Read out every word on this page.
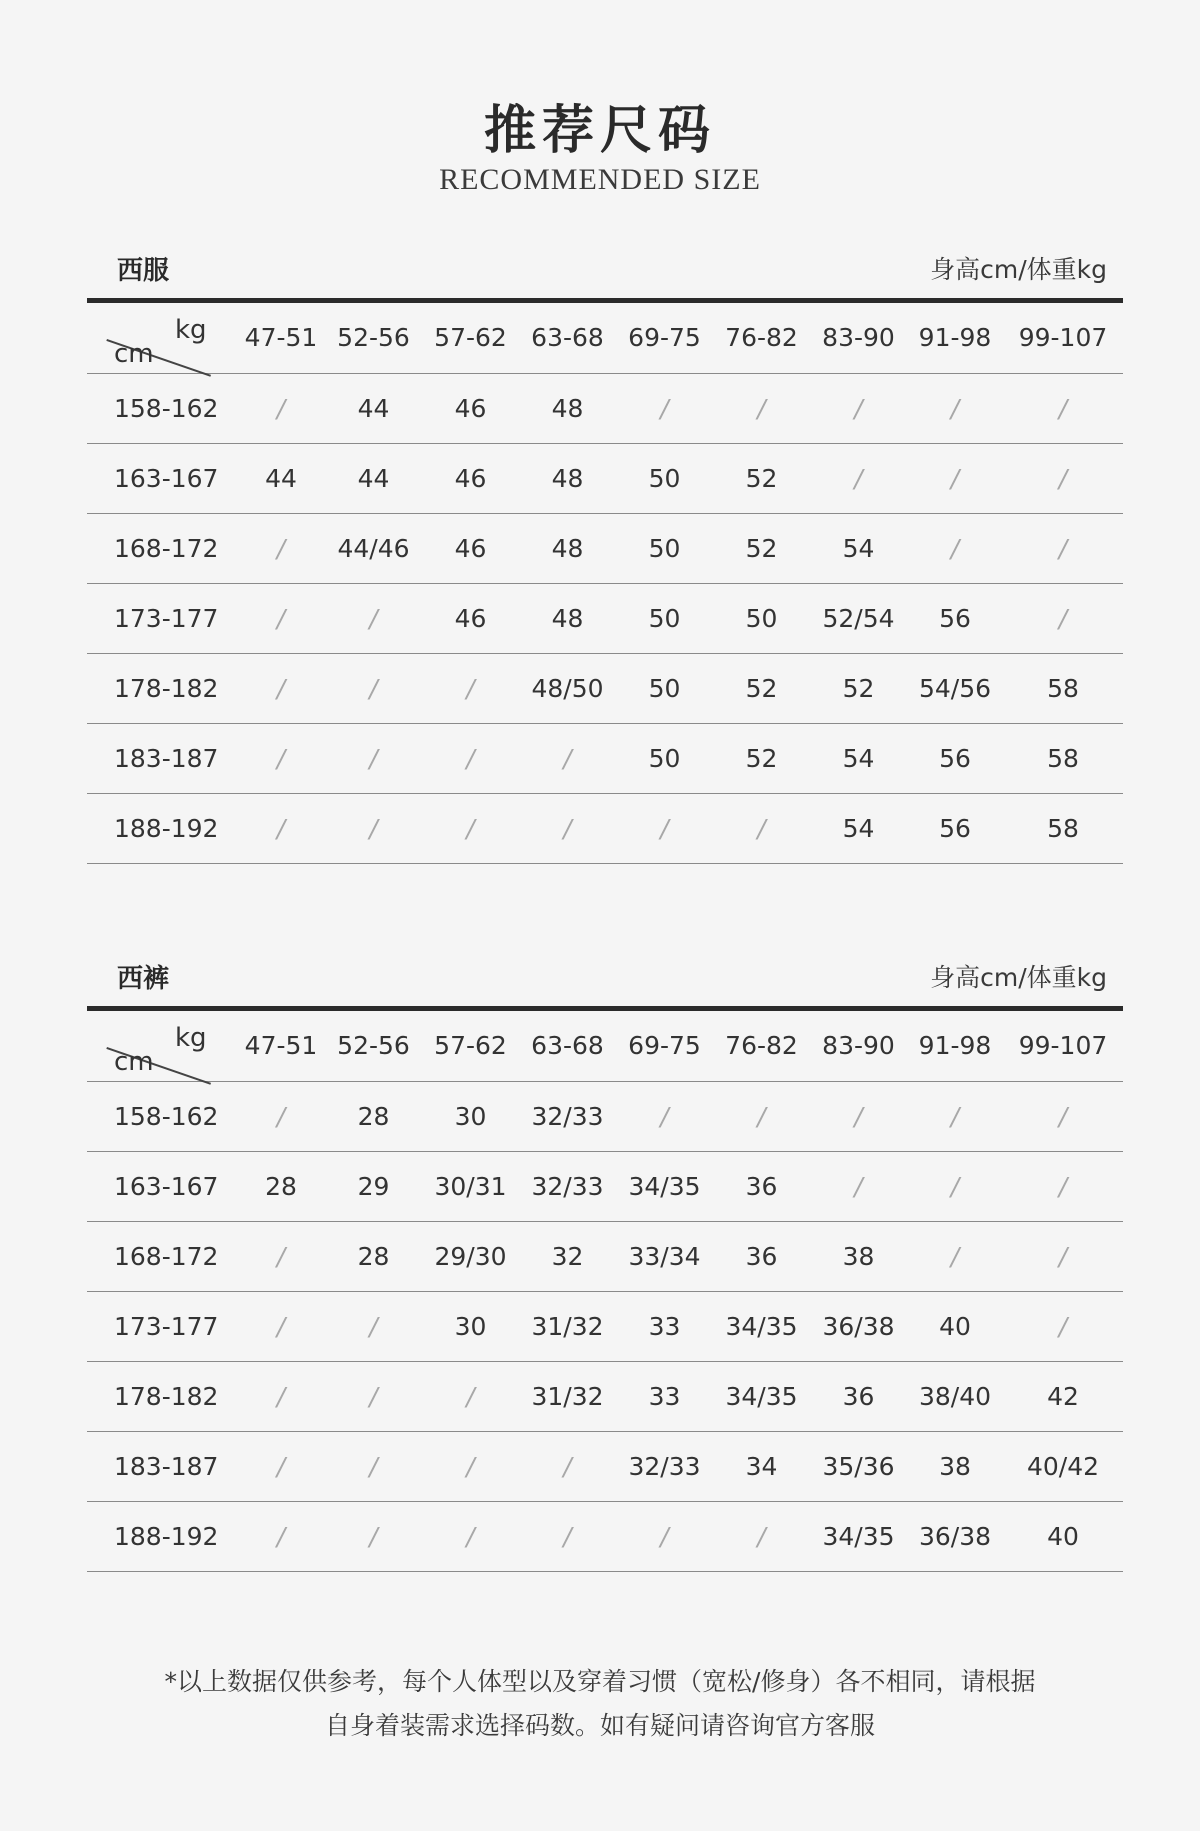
推荐尺码
RECOMMENDED SIZE
西服	身高cm/体重kg
kg
cm	47-51	52-56	57-62	63-68	69-75	76-82	83-90	91-98	99-107
158-162	/	44	46	48	/	/	/	/	/
163-167	44	44	46	48	50	52	/	/	/
168-172	/	44/46	46	48	50	52	54	/	/
173-177	/	/	46	48	50	50	52/54	56	/
178-182	/	/	/	48/50	50	52	52	54/56	58
183-187	/	/	/	/	50	52	54	56	58
188-192	/	/	/	/	/	/	54	56	58
西裤	身高cm/体重kg
kg
cm	47-51	52-56	57-62	63-68	69-75	76-82	83-90	91-98	99-107
158-162	/	28	30	32/33	/	/	/	/	/
163-167	28	29	30/31	32/33	34/35	36	/	/	/
168-172	/	28	29/30	32	33/34	36	38	/	/
173-177	/	/	30	31/32	33	34/35	36/38	40	/
178-182	/	/	/	31/32	33	34/35	36	38/40	42
183-187	/	/	/	/	32/33	34	35/36	38	40/42
188-192	/	/	/	/	/	/	34/35	36/38	40
*以上数据仅供参考，每个人体型以及穿着习惯（宽松/修身）各不相同，请根据
自身着装需求选择码数。如有疑问请咨询官方客服
